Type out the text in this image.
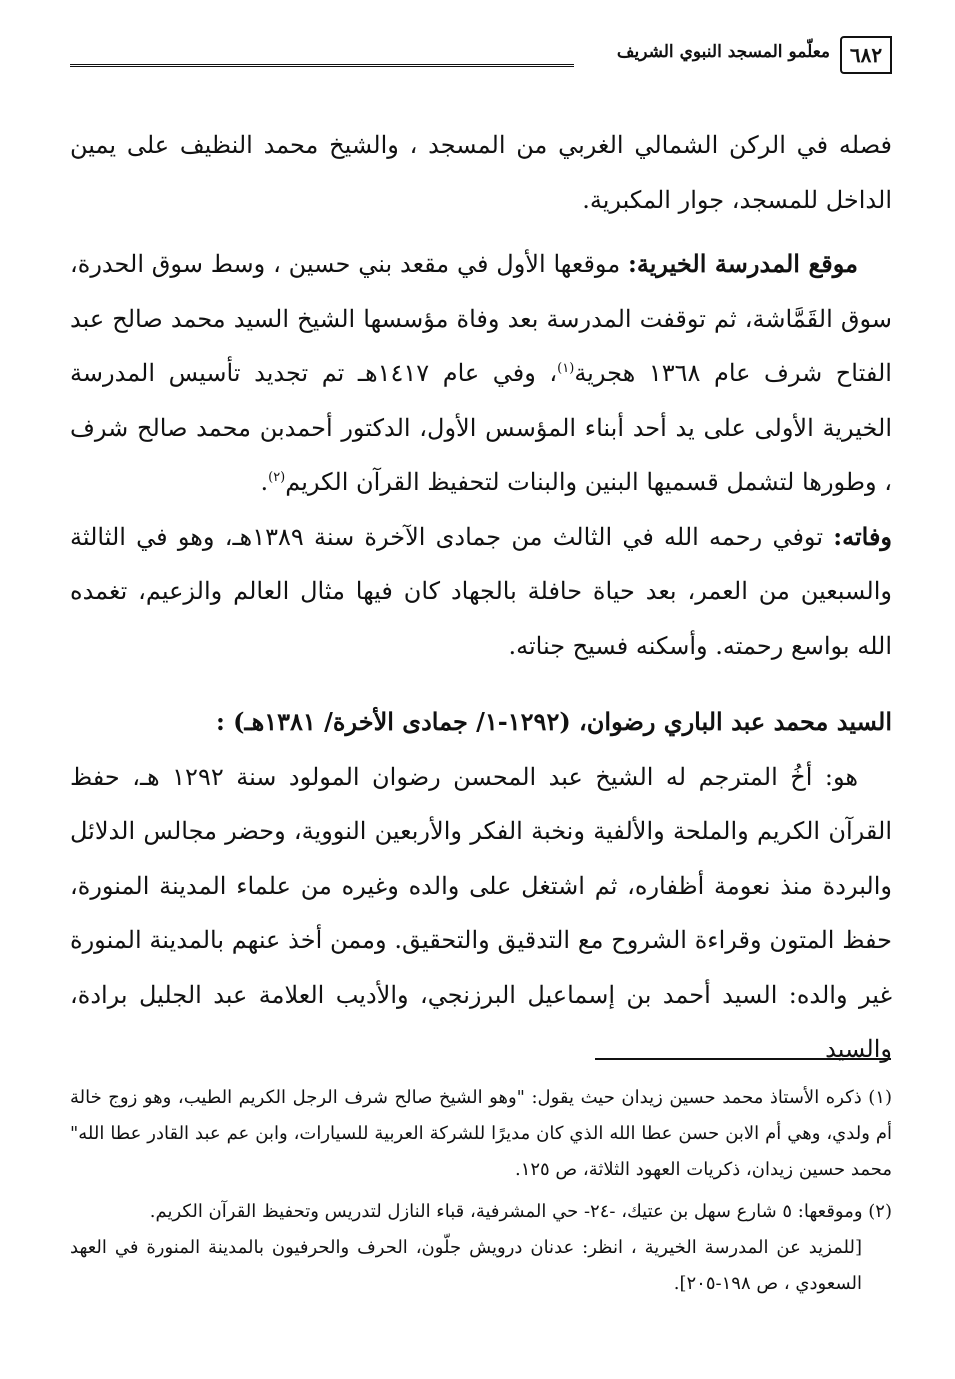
٦٨٢
معلّمو المسجد النبوي الشريف

فصله في الركن الشمالي الغربي من المسجد ، والشيخ محمد النظيف على يمين الداخل للمسجد، جوار المكبرية.

موقع المدرسة الخيرية: موقعها الأول في مقعد بني حسين ، وسط سوق الحدرة، سوق القَمَّاشة، ثم توقفت المدرسة بعد وفاة مؤسسها الشيخ السيد محمد صالح عبد الفتاح شرف عام ١٣٦٨ هجرية$^{(١)}$، وفي عام ١٤١٧هـ تم تجديد تأسيس المدرسة الخيرية الأولى على يد أحد أبناء المؤسس الأول، الدكتور أحمدبن محمد صالح شرف ، وطورها لتشمل قسميها البنين والبنات لتحفيظ القرآن الكريم$^{(٢)}$.

وفاته: توفي رحمه الله في الثالث من جمادى الآخرة سنة ١٣٨٩هـ، وهو في الثالثة والسبعين من العمر، بعد حياة حافلة بالجهاد كان فيها مثال العالم والزعيم، تغمده الله بواسع رحمته. وأسكنه فسيح جناته.

السيد محمد عبد الباري رضوان، (١٢٩٢-١/ جمادى الأخرة/ ١٣٨١هـ) :

هو: أخُ المترجم له الشيخ عبد المحسن رضوان المولود سنة ١٢٩٢ هـ، حفظ القرآن الكريم والملحة والألفية ونخبة الفكر والأربعين النووية، وحضر مجالس الدلائل والبردة منذ نعومة أظفاره، ثم اشتغل على والده وغيره من علماء المدينة المنورة، حفظ المتون وقراءة الشروح مع التدقيق والتحقيق. وممن أخذ عنهم بالمدينة المنورة غير والده: السيد أحمد بن إسماعيل البرزنجي، والأديب العلامة عبد الجليل برادة، والسيد

(١) ذكره الأستاذ محمد حسين زيدان حيث يقول: "وهو الشيخ صالح شرف الرجل الكريم الطيب، وهو زوج خالة أم ولدي، وهي أم الابن حسن عطا الله الذي كان مديرًا للشركة العربية للسيارات، وابن عم عبد القادر عطا الله" محمد حسين زيدان، ذكريات العهود الثلاثة، ص ١٢٥.

(٢) وموقعها: ٥ شارع سهل بن عتيك، -٢٤- حي المشرفية، قباء النازل لتدريس وتحفيظ القرآن الكريم.

[للمزيد عن المدرسة الخيرية ، انظر: عدنان درويش جلّون، الحرف والحرفيون بالمدينة المنورة في العهد السعودي ، ص ١٩٨-٢٠٥].
